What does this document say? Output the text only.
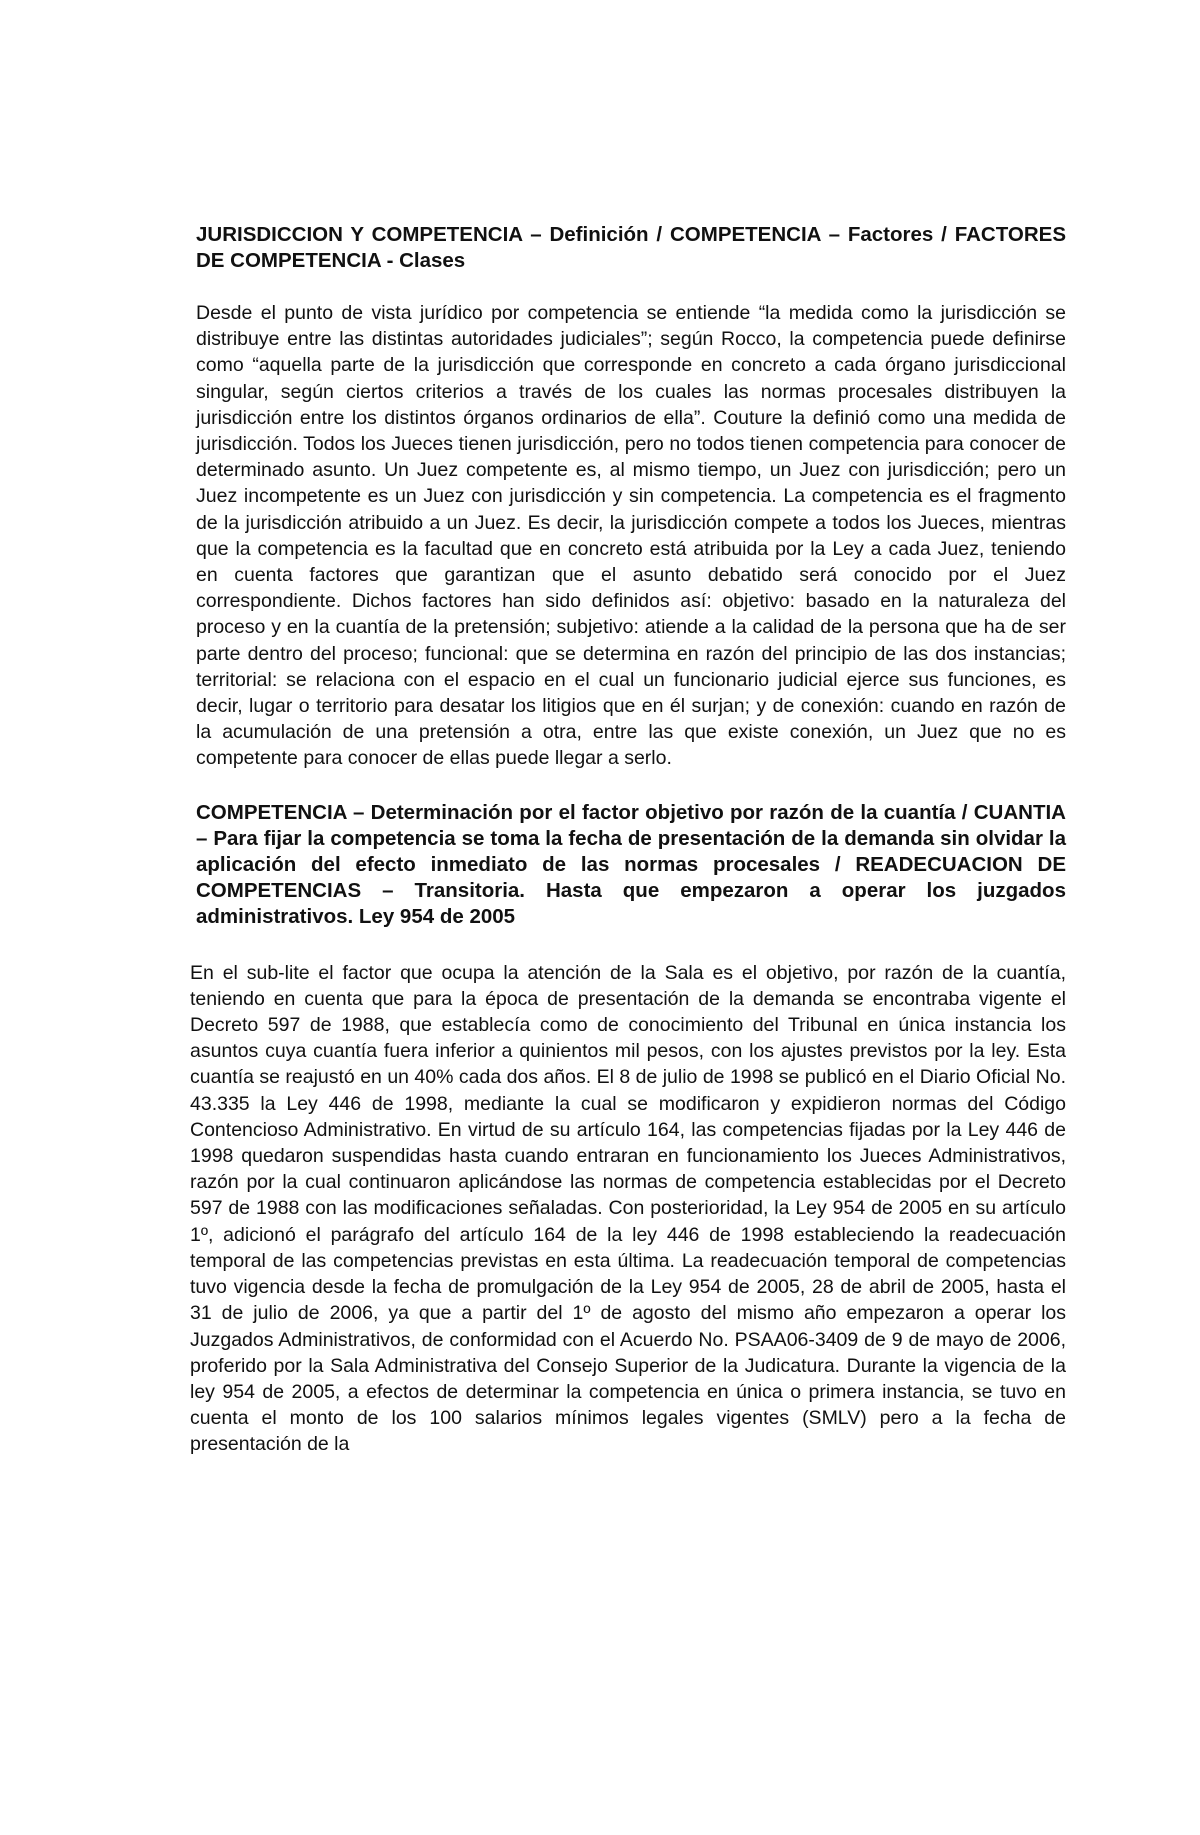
JURISDICCION Y COMPETENCIA – Definición / COMPETENCIA – Factores / FACTORES DE COMPETENCIA - Clases

Desde el punto de vista jurídico por competencia se entiende “la medida como la jurisdicción se distribuye entre las distintas autoridades judiciales”; según Rocco, la competencia puede definirse como “aquella parte de la jurisdicción que corresponde en concreto a cada órgano jurisdiccional singular, según ciertos criterios a través de los cuales las normas procesales distribuyen la jurisdicción entre los distintos órganos ordinarios de ella”. Couture la definió como una medida de jurisdicción. Todos los Jueces tienen jurisdicción, pero no todos tienen competencia para conocer de determinado asunto. Un Juez competente es, al mismo tiempo, un Juez con jurisdicción; pero un Juez incompetente es un Juez con jurisdicción y sin competencia. La competencia es el fragmento de la jurisdicción atribuido a un Juez. Es decir, la jurisdicción compete a todos los Jueces, mientras que la competencia es la facultad que en concreto está atribuida por la Ley a cada Juez, teniendo en cuenta factores que garantizan que el asunto debatido será conocido por el Juez correspondiente. Dichos factores han sido definidos así: objetivo: basado en la naturaleza del proceso y en la cuantía de la pretensión; subjetivo: atiende a la calidad de la persona que ha de ser parte dentro del proceso; funcional: que se determina en razón del principio de las dos instancias; territorial: se relaciona con el espacio en el cual un funcionario judicial ejerce sus funciones, es decir, lugar o territorio para desatar los litigios que en él surjan; y de conexión: cuando en razón de la acumulación de una pretensión a otra, entre las que existe conexión, un Juez que no es competente para conocer de ellas puede llegar a serlo.

COMPETENCIA – Determinación por el factor objetivo por razón de la cuantía / CUANTIA – Para fijar la competencia se toma la fecha de presentación de la demanda sin olvidar la aplicación del efecto inmediato de las normas procesales / READECUACION DE COMPETENCIAS – Transitoria. Hasta que empezaron a operar los juzgados administrativos. Ley 954 de 2005

En el sub-lite el factor que ocupa la atención de la Sala es el objetivo, por razón de la cuantía, teniendo en cuenta que para la época de presentación de la demanda se encontraba vigente el Decreto 597 de 1988, que establecía como de conocimiento del Tribunal en única instancia los asuntos cuya cuantía fuera inferior a quinientos mil pesos, con los ajustes previstos por la ley. Esta cuantía se reajustó en un 40% cada dos años. El 8 de julio de 1998 se publicó en el Diario Oficial No. 43.335 la Ley 446 de 1998, mediante la cual se modificaron y expidieron normas del Código Contencioso Administrativo. En virtud de su artículo 164, las competencias fijadas por la Ley 446 de 1998 quedaron suspendidas hasta cuando entraran en funcionamiento los Jueces Administrativos, razón por la cual continuaron aplicándose las normas de competencia establecidas por el Decreto 597 de 1988 con las modificaciones señaladas. Con posterioridad, la Ley 954 de 2005 en su artículo 1º, adicionó el parágrafo del artículo 164 de la ley 446 de 1998 estableciendo la readecuación temporal de las competencias previstas en esta última. La readecuación temporal de competencias tuvo vigencia desde la fecha de promulgación de la Ley 954 de 2005, 28 de abril de 2005, hasta el 31 de julio de 2006, ya que a partir del 1º de agosto del mismo año empezaron a operar los Juzgados Administrativos, de conformidad con el Acuerdo No. PSAA06-3409 de 9 de mayo de 2006, proferido por la Sala Administrativa del Consejo Superior de la Judicatura. Durante la vigencia de la ley 954 de 2005, a efectos de determinar la competencia en única o primera instancia, se tuvo en cuenta el monto de los 100 salarios mínimos legales vigentes (SMLV) pero a la fecha de presentación de la
